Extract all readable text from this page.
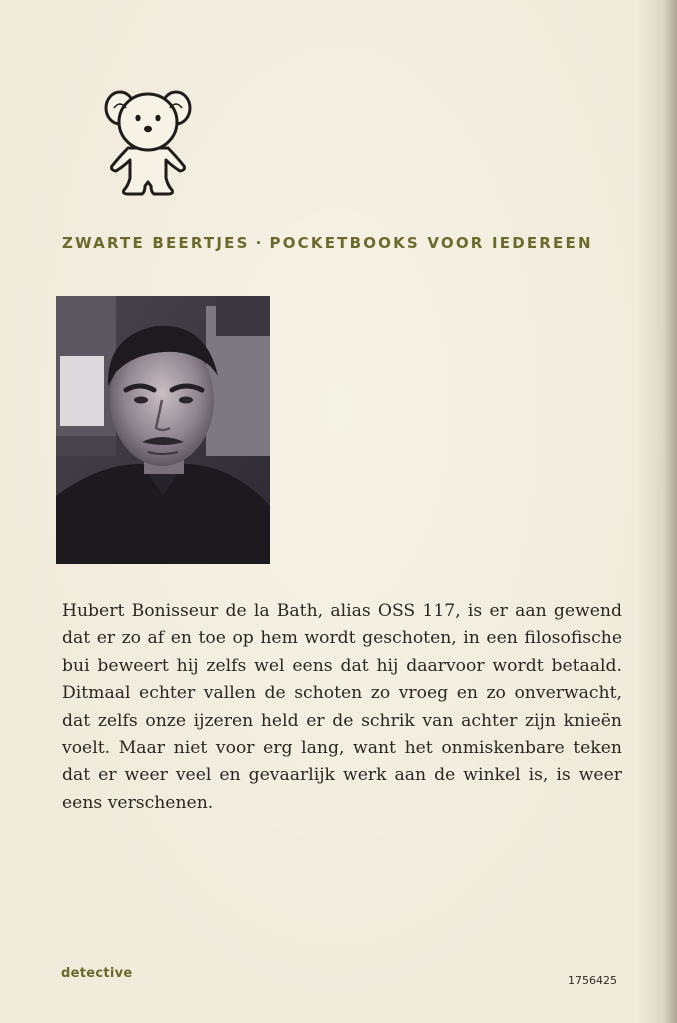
ZWARTE BEERTJES · POCKETBOOKS VOOR IEDEREEN
Hubert Bonisseur de la Bath, alias OSS 117, is er aan gewend dat er zo af en toe op hem wordt geschoten, in een filosofische bui beweert hij zelfs wel eens dat hij daarvoor wordt betaald. Ditmaal echter vallen de schoten zo vroeg en zo onverwacht, dat zelfs onze ijzeren held er de schrik van achter zijn knieën voelt. Maar niet voor erg lang, want het onmiskenbare teken dat er weer veel en gevaarlijk werk aan de winkel is, is weer eens verschenen.
detective	1756425
